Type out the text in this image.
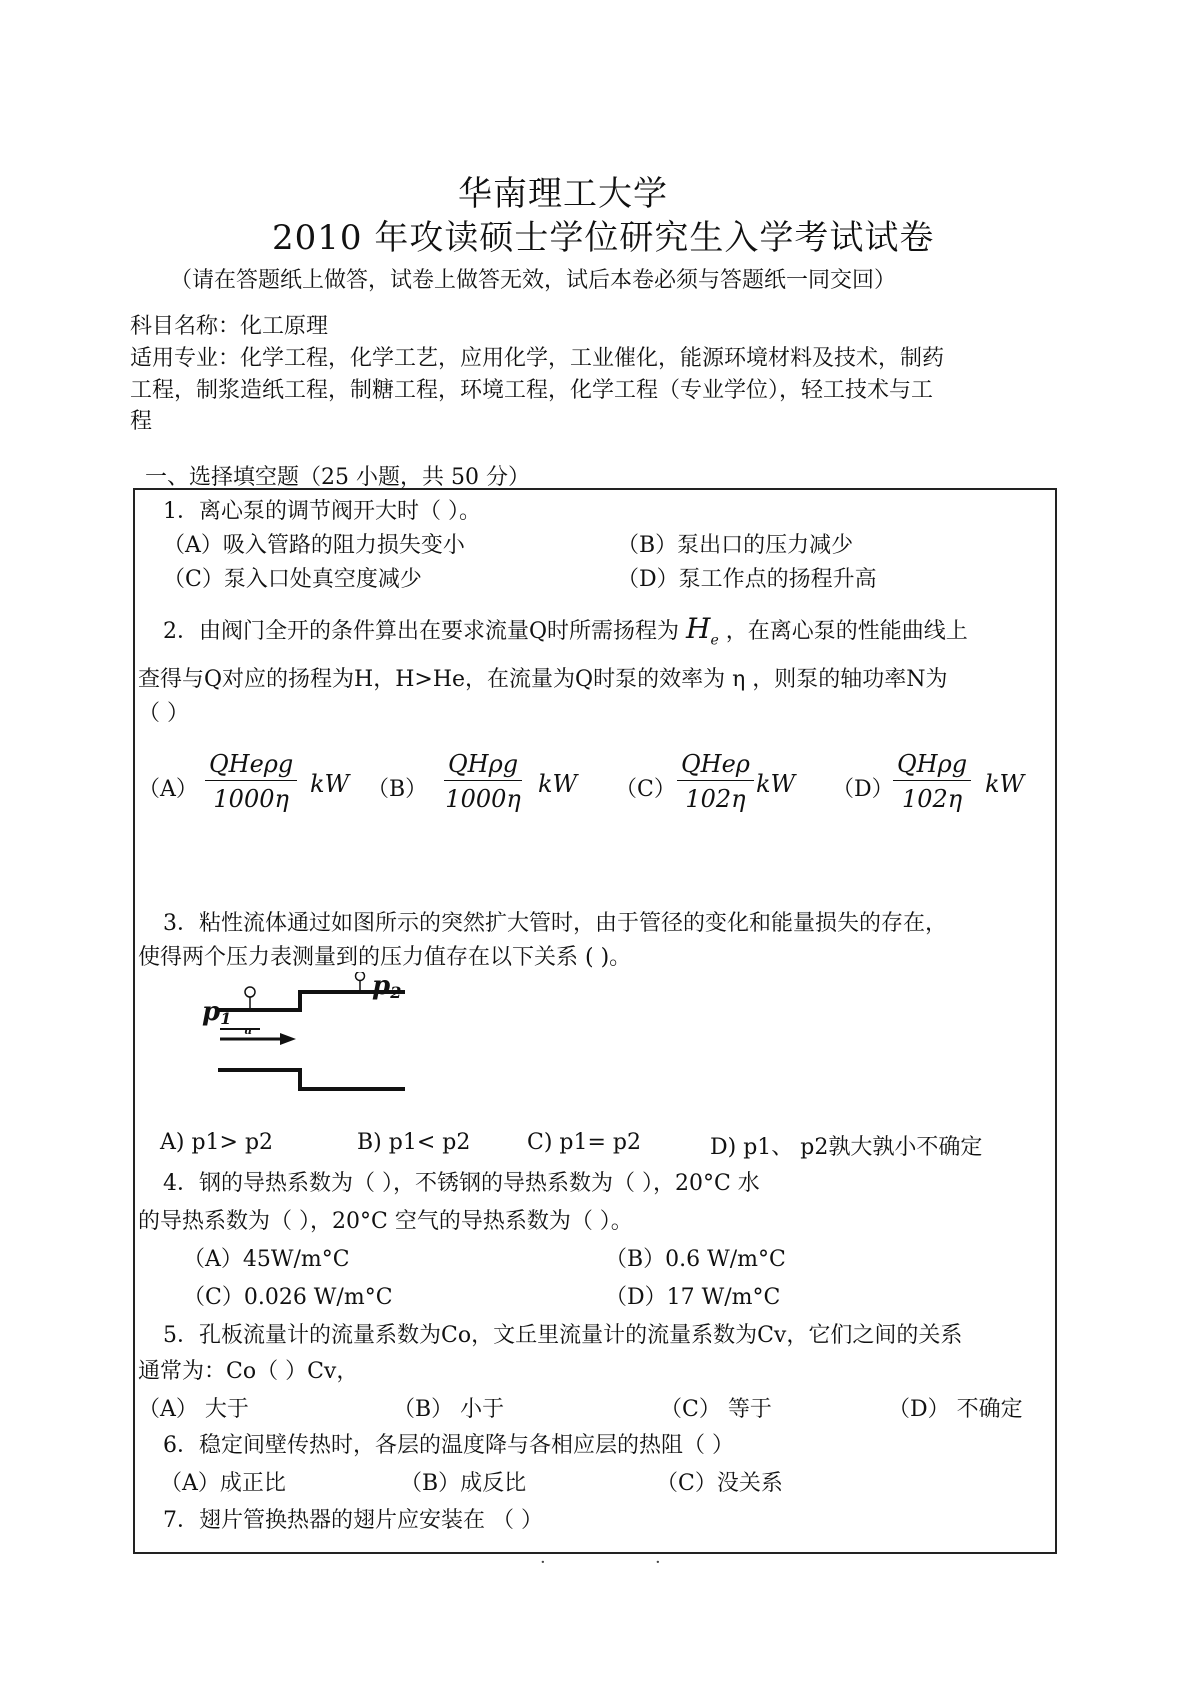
华南理工大学
2010 年攻读硕士学位研究生入学考试试卷
（请在答题纸上做答，试卷上做答无效，试后本卷必须与答题纸一同交回）
科目名称：化工原理
适用专业：化学工程，化学工艺，应用化学，工业催化，能源环境材料及技术，制药
工程，制浆造纸工程，制糖工程，环境工程，化学工程（专业学位），轻工技术与工
程
一、选择填空题（25 小题，共 50 分）
1．离心泵的调节阀开大时（ ）。
（A）吸入管路的阻力损失变小	（B）泵出口的压力减少
（C）泵入口处真空度减少	（D）泵工作点的扬程升高
2．由阀门全开的条件算出在要求流量Q时所需扬程为 $H_e$ ，在离心泵的性能曲线上
查得与Q对应的扬程为H，H>He，在流量为Q时泵的效率为 η ，则泵的轴功率N为
（ ）
（A）
QHeρg
1000η
kW （B）
QHρg
1000η
kW （C）
QHeρ
102η
kW （D）
QHρg
102η
kW
3．粘性流体通过如图所示的突然扩大管时，由于管径的变化和能量损失的存在，
使得两个压力表测量到的压力值存在以下关系 ( )。
u
p1
p2
A) p1> p2	B) p1< p2	C) p1= p2	D) p1、 p2孰大孰小不确定
4．钢的导热系数为（ ），不锈钢的导热系数为（ ），20°C 水
的导热系数为（ ），20°C 空气的导热系数为（ ）。
（A）45W/m°C	（B）0.6 W/m°C
（C）0.026 W/m°C	（D）17 W/m°C
5．孔板流量计的流量系数为Co，文丘里流量计的流量系数为Cv，它们之间的关系
通常为：Co（ ）Cv，
（A） 大于	（B） 小于	（C） 等于	（D） 不确定
6．稳定间壁传热时，各层的温度降与各相应层的热阻（ ）
（A）成正比	（B）成反比	（C）没关系
7．翅片管换热器的翅片应安装在 （ ）
·	·
